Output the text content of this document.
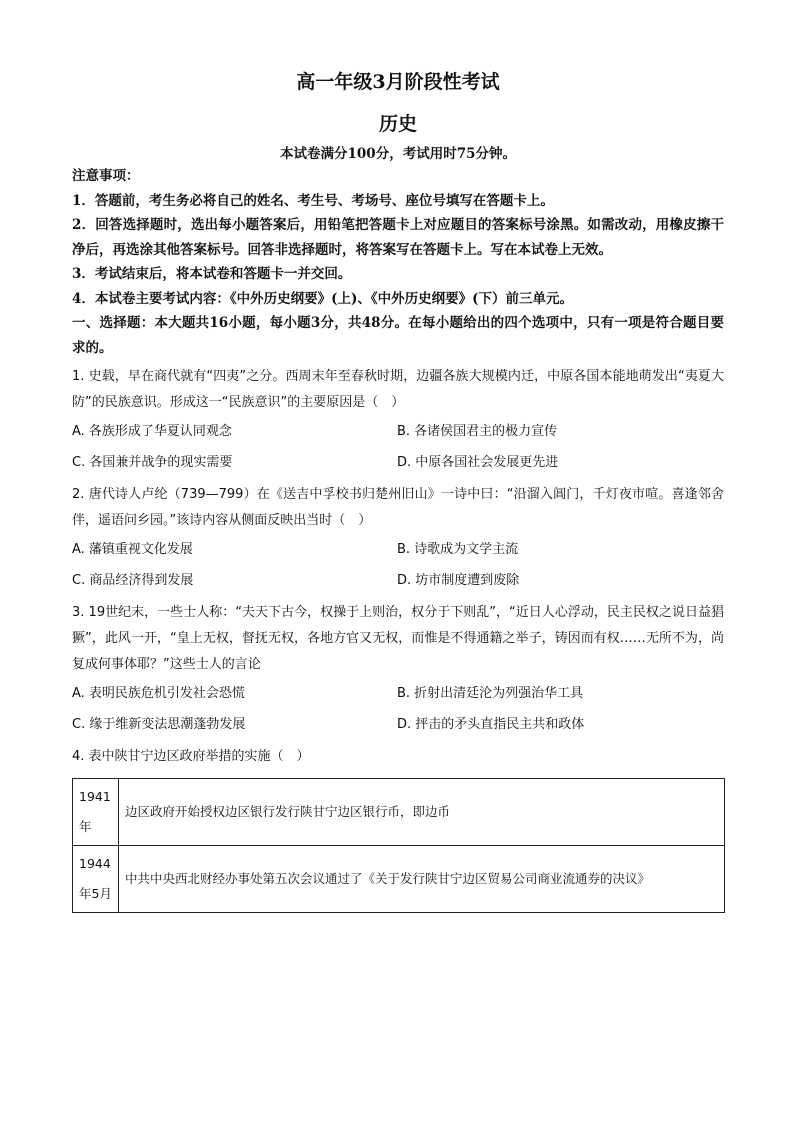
高一年级3月阶段性考试
历史
本试卷满分100分，考试用时75分钟。
注意事项：
1．答题前，考生务必将自己的姓名、考生号、考场号、座位号填写在答题卡上。
2．回答选择题时，选出每小题答案后，用铅笔把答题卡上对应题目的答案标号涂黑。如需改动，用橡皮擦干净后，再选涂其他答案标号。回答非选择题时，将答案写在答题卡上。写在本试卷上无效。
3．考试结束后，将本试卷和答题卡一并交回。
4．本试卷主要考试内容：《中外历史纲要》(上)、《中外历史纲要》(下）前三单元。
一、选择题：本大题共16小题，每小题3分，共48分。在每小题给出的四个选项中，只有一项是符合题目要求的。
1. 史载，早在商代就有“四夷”之分。西周末年至春秋时期，边疆各族大规模内迁，中原各国本能地萌发出“夷夏大防”的民族意识。形成这一“民族意识”的主要原因是（　）
A. 各族形成了华夏认同观念	B. 各诸侯国君主的极力宣传
C. 各国兼并战争的现实需要	D. 中原各国社会发展更先进
2. 唐代诗人卢纶（739—799）在《送吉中孚校书归楚州旧山》一诗中曰：“沿溜入阊门，千灯夜市喧。喜逢邻舍伴，遥语问乡园。”该诗内容从侧面反映出当时（　）
A. 藩镇重视文化发展	B. 诗歌成为文学主流
C. 商品经济得到发展	D. 坊市制度遭到废除
3. 19世纪末，一些士人称：“夫天下古今，权操于上则治，权分于下则乱”，“近日人心浮动，民主民权之说日益猖獗”，此风一开，“皇上无权，督抚无权，各地方官又无权，而惟是不得通籍之举子，铸因而有权……无所不为，尚复成何事体耶？”这些士人的言论
A. 表明民族危机引发社会恐慌	B. 折射出清廷沦为列强治华工具
C. 缘于维新变法思潮蓬勃发展	D. 抨击的矛头直指民主共和政体
4. 表中陕甘宁边区政府举措的实施（　）
1941年	边区政府开始授权边区银行发行陕甘宁边区银行币，即边币
1944年5月	中共中央西北财经办事处第五次会议通过了《关于发行陕甘宁边区贸易公司商业流通券的决议》
